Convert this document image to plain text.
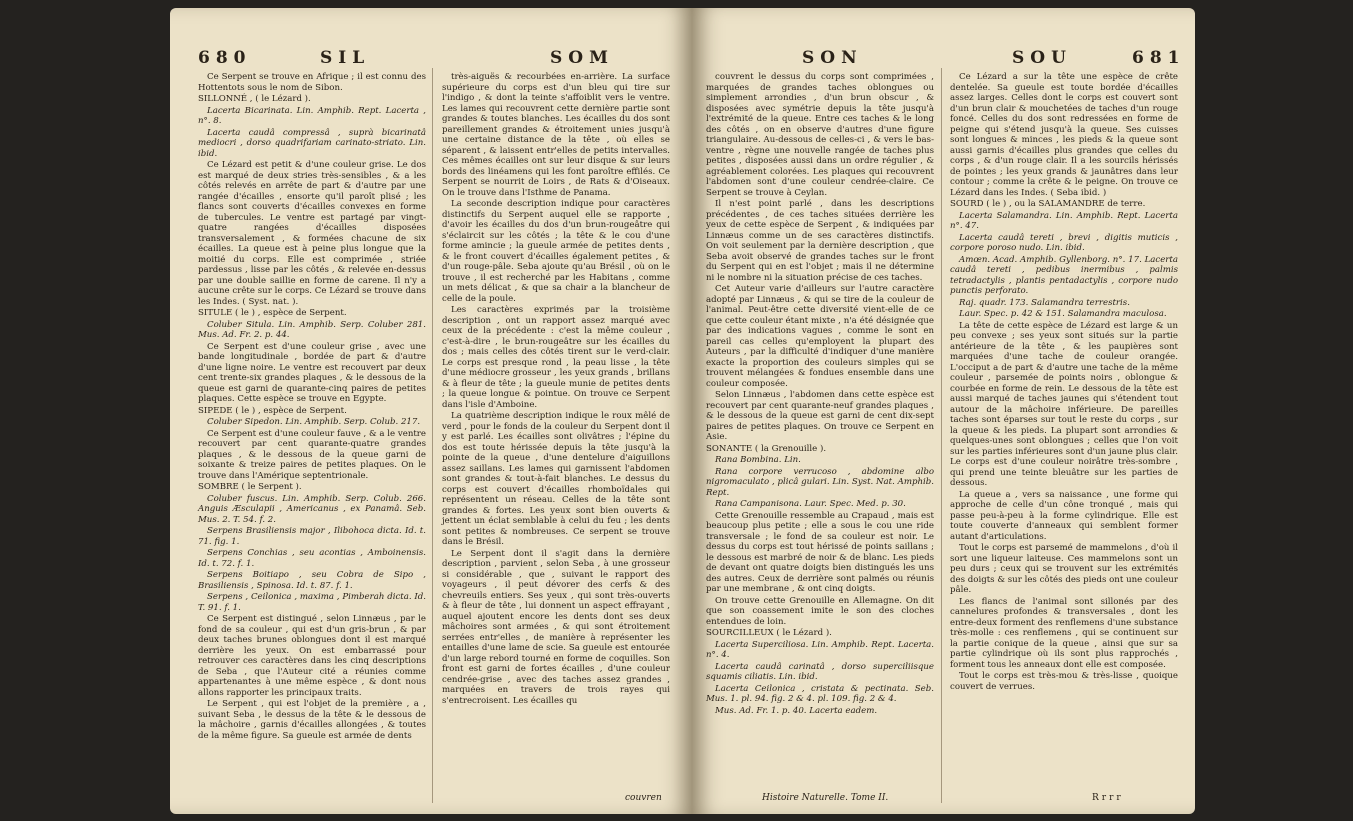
680	SIL	SOM

Ce Serpent se trouve en Afrique ; il est connu des Hottentots sous le nom de Sibon.

SILLONNÉ , ( le Lézard ).

Lacerta Bicarinata. Lin. Amphib. Rept. Lacerta , n°. 8.

Lacerta caudâ compressâ , suprà bicarinatâ mediocri , dorso quadrifariam carinato-striato. Lin. ibid.

Ce Lézard est petit & d'une couleur grise. Le dos est marqué de deux stries très-sensibles , & a les côtés relevés en arrête de part & d'autre par une rangée d'écailles , ensorte qu'il paroît plisé ; les flancs sont couverts d'écailles convexes en forme de tubercules. Le ventre est partagé par vingt-quatre rangées d'écailles disposées transversalement , & formées chacune de six écailles. La queue est à peine plus longue que la moitié du corps. Elle est comprimée , striée pardessus , lisse par les côtés , & relevée en-dessus par une double saillie en forme de carene. Il n'y a aucune crête sur le corps. Ce Lézard se trouve dans les Indes. ( Syst. nat. ).

SITULE ( le ) , espèce de Serpent.

Coluber Situla. Lin. Amphib. Serp. Coluber 281. Mus. Ad. Fr. 2. p. 44.

Ce Serpent est d'une couleur grise , avec une bande longitudinale , bordée de part & d'autre d'une ligne noire. Le ventre est recouvert par deux cent trente-six grandes plaques , & le dessous de la queue est garni de quarante-cinq paires de petites plaques. Cette espèce se trouve en Egypte.

SIPEDE ( le ) , espèce de Serpent.

Coluber Sipedon. Lin. Amphib. Serp. Colub. 217.

Ce Serpent est d'une couleur fauve , & a le ventre recouvert par cent quarante-quatre grandes plaques , & le dessous de la queue garni de soixante & treize paires de petites plaques. On le trouve dans l'Amérique septentrionale.

SOMBRE ( le Serpent ).

Coluber fuscus. Lin. Amphib. Serp. Colub. 266. Anguis Æsculapii , Americanus , ex Panamâ. Seb. Mus. 2. T. 54. f. 2.

Serpens Brasiliensis major , Ilibohoca dicta. Id. t. 71. fig. 1.

Serpens Conchias , seu acontias , Amboinensis. Id. t. 72. f. 1.

Serpens Boitiapo , seu Cobra de Sipo , Brasiliensis , Spinosa. Id. t. 87. f. 1.

Serpens , Ceilonica , maxima , Pimberah dicta. Id. T. 91. f. 1.

Ce Serpent est distingué , selon Linnæus , par le fond de sa couleur , qui est d'un gris-brun , & par deux taches brunes oblongues dont il est marqué derrière les yeux. On est embarrassé pour retrouver ces caractères dans les cinq descriptions de Seba , que l'Auteur cité a réunies comme appartenantes à une même espèce , & dont nous allons rapporter les principaux traits.

Le Serpent , qui est l'objet de la première , a , suivant Seba , le dessus de la tête & le dessous de la mâchoire , garnis d'écailles allongées , & toutes de la même figure. Sa gueule est armée de dents

très-aiguës & recourbées en-arrière. La surface supérieure du corps est d'un bleu qui tire sur l'indigo , & dont la teinte s'affoiblit vers le ventre. Les lames qui recouvrent cette dernière partie sont grandes & toutes blanches. Les écailles du dos sont pareillement grandes & étroitement unies jusqu'à une certaine distance de la tête , où elles se séparent , & laissent entr'elles de petits intervalles. Ces mêmes écailles ont sur leur disque & sur leurs bords des linéamens qui les font paroître effilés. Ce Serpent se nourrit de Loirs , de Rats & d'Oiseaux. On le trouve dans l'Isthme de Panama.

La seconde description indique pour caractères distinctifs du Serpent auquel elle se rapporte , d'avoir les écailles du dos d'un brun-rougeâtre qui s'éclaircit sur les côtés ; la tête & le cou d'une forme amincie ; la gueule armée de petites dents , & le front couvert d'écailles également petites , & d'un rouge-pâle. Seba ajoute qu'au Brésil , où on le trouve , il est recherché par les Habitans , comme un mets délicat , & que sa chair a la blancheur de celle de la poule.

Les caractères exprimés par la troisième description , ont un rapport assez marqué avec ceux de la précédente : c'est la même couleur , c'est-à-dire , le brun-rougeâtre sur les écailles du dos ; mais celles des côtés tirent sur le verd-clair. Le corps est presque rond , la peau lisse , la tête d'une médiocre grosseur , les yeux grands , brillans & à fleur de tête ; la gueule munie de petites dents ; la queue longue & pointue. On trouve ce Serpent dans l'isle d'Amboine.

La quatrième description indique le roux mêlé de verd , pour le fonds de la couleur du Serpent dont il y est parlé. Les écailles sont olivâtres ; l'épine du dos est toute hérissée depuis la tête jusqu'à la pointe de la queue , d'une dentelure d'aiguillons assez saillans. Les lames qui garnissent l'abdomen sont grandes & tout-à-fait blanches. Le dessus du corps est couvert d'écailles rhomboïdales qui représentent un réseau. Celles de la tête sont grandes & fortes. Les yeux sont bien ouverts & jettent un éclat semblable à celui du feu ; les dents sont petites & nombreuses. Ce serpent se trouve dans le Brésil.

Le Serpent dont il s'agit dans la dernière description , parvient , selon Seba , à une grosseur si considérable , que , suivant le rapport des voyageurs , il peut dévorer des cerfs & des chevreuils entiers. Ses yeux , qui sont très-ouverts & à fleur de tête , lui donnent un aspect effrayant , auquel ajoutent encore les dents dont ses deux mâchoires sont armées , & qui sont étroitement serrées entr'elles , de manière à représenter les entailles d'une lame de scie. Sa gueule est entourée d'un large rebord tourné en forme de coquilles. Son front est garni de fortes écailles , d'une couleur cendrée-grise , avec des taches assez grandes , marquées en travers de trois rayes qui s'entrecroisent. Les écailles qu

couvren
SON	SOU	681

couvrent le dessus du corps sont comprimées , marquées de grandes taches oblongues ou simplement arrondies , d'un brun obscur , & disposées avec symétrie depuis la tête jusqu'à l'extrémité de la queue. Entre ces taches & le long des côtés , on en observe d'autres d'une figure triangulaire. Au-dessous de celles-ci , & vers le bas-ventre , règne une nouvelle rangée de taches plus petites , disposées aussi dans un ordre régulier , & agréablement colorées. Les plaques qui recouvrent l'abdomen sont d'une couleur cendrée-claire. Ce Serpent se trouve à Ceylan.

Il n'est point parlé , dans les descriptions précédentes , de ces taches situées derrière les yeux de cette espèce de Serpent , & indiquées par Linnæus comme un de ses caractères distinctifs. On voit seulement par la dernière description , que Seba avoit observé de grandes taches sur le front du Serpent qui en est l'objet ; mais il ne détermine ni le nombre ni la situation précise de ces taches.

Cet Auteur varie d'ailleurs sur l'autre caractère adopté par Linnæus , & qui se tire de la couleur de l'animal. Peut-être cette diversité vient-elle de ce que cette couleur étant mixte , n'a été désignée que par des indications vagues , comme le sont en pareil cas celles qu'employent la plupart des Auteurs , par la difficulté d'indiquer d'une manière exacte la proportion des couleurs simples qui se trouvent mélangées & fondues ensemble dans une couleur composée.

Selon Linnæus , l'abdomen dans cette espèce est recouvert par cent quarante-neuf grandes plaques , & le dessous de la queue est garni de cent dix-sept paires de petites plaques. On trouve ce Serpent en Asie.

SONANTE ( la Grenouille ).

Rana Bombina. Lin.

Rana corpore verrucoso , abdomine albo nigromaculato , plicâ gulari. Lin. Syst. Nat. Amphib. Rept.

Rana Campanisona. Laur. Spec. Med. p. 30.

Cette Grenouille ressemble au Crapaud , mais est beaucoup plus petite ; elle a sous le cou une ride transversale ; le fond de sa couleur est noir. Le dessus du corps est tout hérissé de points saillans ; le dessous est marbré de noir & de blanc. Les pieds de devant ont quatre doigts bien distingués les uns des autres. Ceux de derrière sont palmés ou réunis par une membrane , & ont cinq doigts.

On trouve cette Grenouille en Allemagne. On dit que son coassement imite le son des cloches entendues de loin.

SOURCILLEUX ( le Lézard ).

Lacerta Superciliosa. Lin. Amphib. Rept. Lacerta. n°. 4.

Lacerta caudâ carinatâ , dorso superciliisque squamis ciliatis. Lin. ibid.

Lacerta Ceilonica , cristata & pectinata. Seb. Mus. 1. pl. 94. fig. 2 & 4. pl. 109. fig. 2 & 4.

Mus. Ad. Fr. 1. p. 40. Lacerta eadem.

Ce Lézard a sur la tête une espèce de crête dentelée. Sa gueule est toute bordée d'écailles assez larges. Celles dont le corps est couvert sont d'un brun clair & mouchetées de taches d'un rouge foncé. Celles du dos sont redressées en forme de peigne qui s'étend jusqu'à la queue. Ses cuisses sont longues & minces , les pieds & la queue sont aussi garnis d'écailles plus grandes que celles du corps , & d'un rouge clair. Il a les sourcils hérissés de pointes ; les yeux grands & jaunâtres dans leur contour ; comme la crête & le peigne. On trouve ce Lézard dans les Indes. ( Seba ibid. )

SOURD ( le ) , ou la SALAMANDRE de terre.

Lacerta Salamandra. Lin. Amphib. Rept. Lacerta n°. 47.

Lacerta caudâ tereti , brevi , digitis muticis , corpore poroso nudo. Lin. ibid.

Amœn. Acad. Amphib. Gyllenborg. n°. 17. Lacerta caudâ tereti , pedibus inermibus , palmis tetradactylis , plantis pentadactylis , corpore nudo punctis perforato.

Raj. quadr. 173. Salamandra terrestris.

Laur. Spec. p. 42 & 151. Salamandra maculosa.

La tête de cette espèce de Lézard est large & un peu convexe ; ses yeux sont situés sur la partie antérieure de la tête , & les paupières sont marquées d'une tache de couleur orangée. L'occiput a de part & d'autre une tache de la même couleur , parsemée de points noirs , oblongue & courbée en forme de rein. Le dessous de la tête est aussi marqué de taches jaunes qui s'étendent tout autour de la mâchoire inférieure. De pareilles taches sont éparses sur tout le reste du corps , sur la queue & les pieds. La plupart sont arrondies & quelques-unes sont oblongues ; celles que l'on voit sur les parties inférieures sont d'un jaune plus clair. Le corps est d'une couleur noirâtre très-sombre , qui prend une teinte bleuâtre sur les parties de dessous.

La queue a , vers sa naissance , une forme qui approche de celle d'un cône tronqué , mais qui passe peu-à-peu à la forme cylindrique. Elle est toute couverte d'anneaux qui semblent former autant d'articulations.

Tout le corps est parsemé de mammelons , d'où il sort une liqueur laiteuse. Ces mammelons sont un peu durs ; ceux qui se trouvent sur les extrémités des doigts & sur les côtés des pieds ont une couleur pâle.

Les flancs de l'animal sont sillonés par des cannelures profondes & transversales , dont les entre-deux forment des renflemens d'une substance très-molle : ces renflemens , qui se continuent sur la partie conique de la queue , ainsi que sur sa partie cylindrique où ils sont plus rapprochés , forment tous les anneaux dont elle est composée.

Tout le corps est très-mou & très-lisse , quoique couvert de verrues.

Histoire Naturelle. Tome II.	Rrrr
